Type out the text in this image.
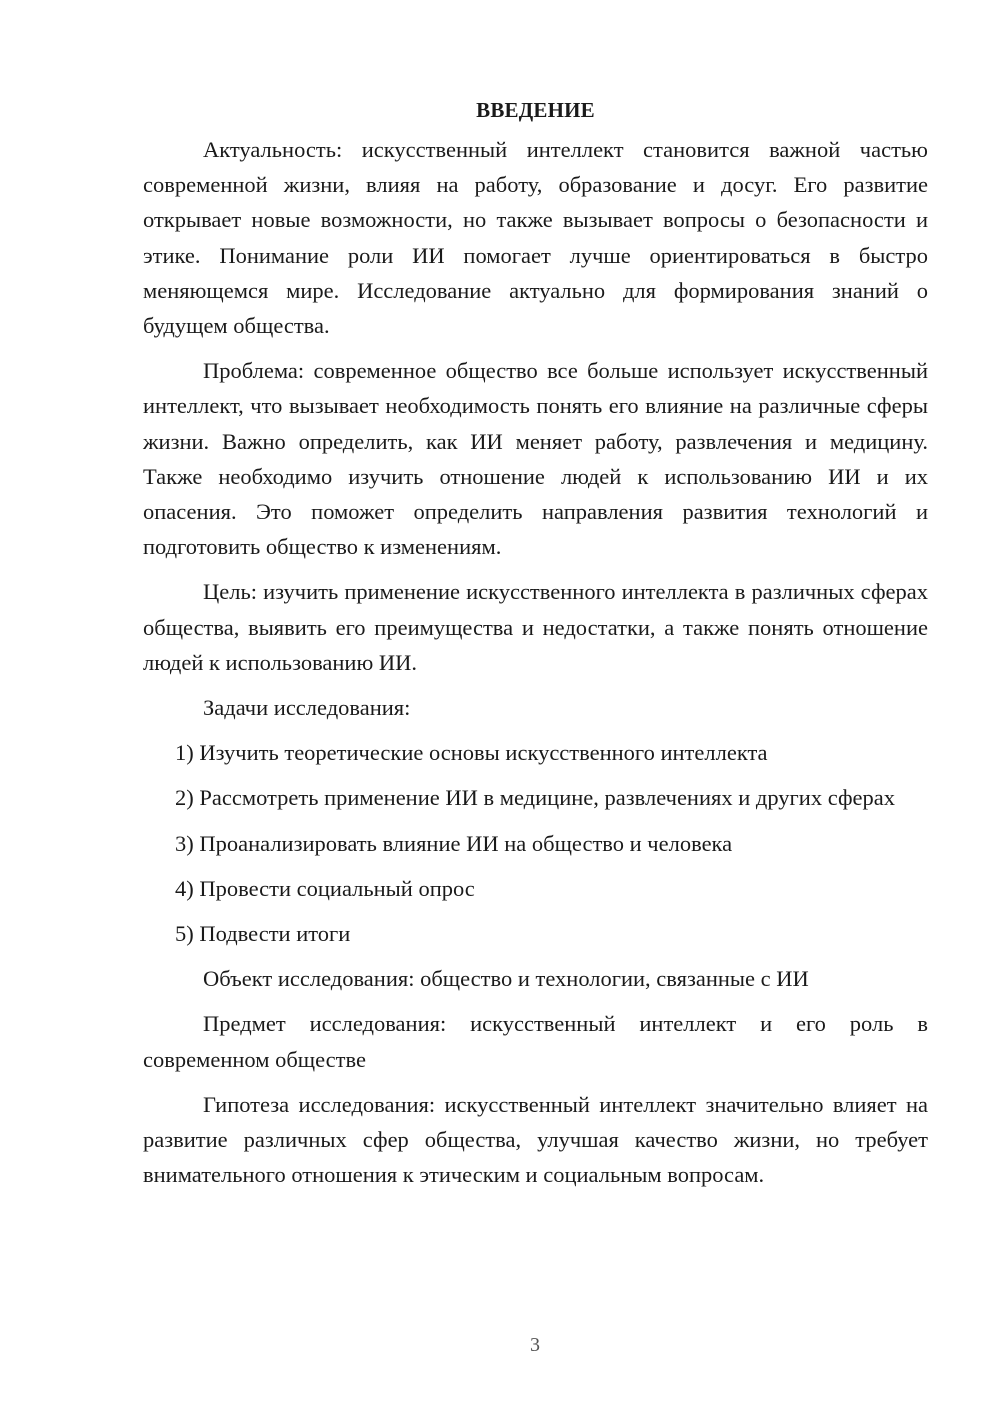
ВВЕДЕНИЕ

Актуальность: искусственный интеллект становится важной частью современной жизни, влияя на работу, образование и досуг. Его развитие открывает новые возможности, но также вызывает вопросы о безопасности и этике. Понимание роли ИИ помогает лучше ориентироваться в быстро меняющемся мире. Исследование актуально для формирования знаний о будущем общества.

Проблема: современное общество все больше использует искусственный интеллект, что вызывает необходимость понять его влияние на различные сферы жизни. Важно определить, как ИИ меняет работу, развлечения и медицину. Также необходимо изучить отношение людей к использованию ИИ и их опасения. Это поможет определить направления развития технологий и подготовить общество к изменениям.

Цель: изучить применение искусственного интеллекта в различных сферах общества, выявить его преимущества и недостатки, а также понять отношение людей к использованию ИИ.

Задачи исследования:

1) Изучить теоретические основы искусственного интеллекта

2) Рассмотреть применение ИИ в медицине, развлечениях и других сферах

3) Проанализировать влияние ИИ на общество и человека

4) Провести социальный опрос

5) Подвести итоги

Объект исследования: общество и технологии, связанные с ИИ

Предмет исследования: искусственный интеллект и его роль в современном обществе

Гипотеза исследования: искусственный интеллект значительно влияет на развитие различных сфер общества, улучшая качество жизни, но требует внимательного отношения к этическим и социальным вопросам.

3
